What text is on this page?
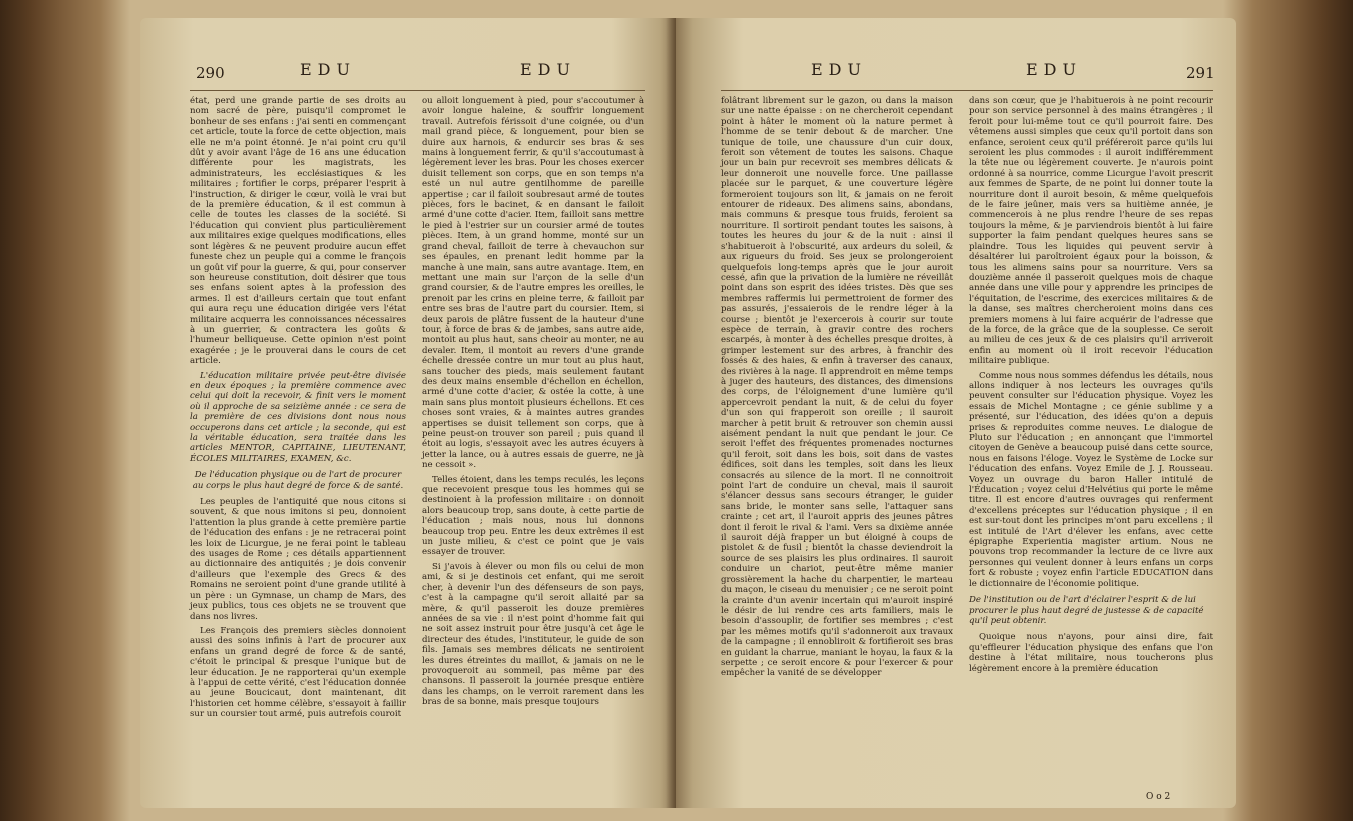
290	EDU	EDU

état, perd une grande partie de ses droits au nom sacré de père, puisqu'il compromet le bonheur de ses enfans : j'ai senti en commençant cet article, toute la force de cette objection, mais elle ne m'a point étonné. Je n'ai point cru qu'il dût y avoir avant l'âge de 16 ans une éducation différente pour les magistrats, les administrateurs, les ecclésiastiques & les militaires ; fortifier le corps, préparer l'esprit à l'instruction, & diriger le cœur, voilà le vrai but de la première éducation, & il est commun à celle de toutes les classes de la société. Si l'éducation qui convient plus particulièrement aux militaires exige quelques modifications, elles sont légères & ne peuvent produire aucun effet funeste chez un peuple qui a comme le françois un goût vif pour la guerre, & qui, pour conserver son heureuse constitution, doit désirer que tous ses enfans soient aptes à la profession des armes. Il est d'ailleurs certain que tout enfant qui aura reçu une éducation dirigée vers l'état militaire acquerra les connoissances nécessaires à un guerrier, & contractera les goûts & l'humeur belliqueuse. Cette opinion n'est point exagérée ; je le prouverai dans le cours de cet article.

L'éducation militaire privée peut-être divisée en deux époques ; la première commence avec celui qui doit la recevoir, & finit vers le moment où il approche de sa seizième année : ce sera de la première de ces divisions dont nous nous occuperons dans cet article ; la seconde, qui est la véritable éducation, sera traitée dans les articles MENTOR, CAPITAINE, LIEUTENANT, ÉCOLES MILITAIRES, EXAMEN, &c.

De l'éducation physique ou de l'art de procurer au corps le plus haut degré de force & de santé.

Les peuples de l'antiquité que nous citons si souvent, & que nous imitons si peu, donnoient l'attention la plus grande à cette première partie de l'éducation des enfans : je ne retracerai point les loix de Licurgue, je ne ferai point le tableau des usages de Rome ; ces détails appartiennent au dictionnaire des antiquités ; je dois convenir d'ailleurs que l'exemple des Grecs & des Romains ne seroient point d'une grande utilité à un père : un Gymnase, un champ de Mars, des jeux publics, tous ces objets ne se trouvent que dans nos livres.

Les François des premiers siècles donnoient aussi des soins infinis à l'art de procurer aux enfans un grand degré de force & de santé, c'étoit le principal & presque l'unique but de leur éducation. Je ne rapporterai qu'un exemple à l'appui de cette vérité, c'est l'éducation donnée au jeune Boucicaut, dont maintenant, dit l'historien cet homme célèbre, s'essayoit à faillir sur un coursier tout armé, puis autrefois couroit

ou alloit longuement à pied, pour s'accoutumer à avoir longue haleine, & souffrir longuement travail. Autrefois férissoit d'une coignée, ou d'un mail grand pièce, & longuement, pour bien se duire aux harnois, & endurcir ses bras & ses mains à longuement ferrir, & qu'il s'accoutumast à légèrement lever les bras. Pour les choses exercer duisit tellement son corps, que en son temps n'a esté un nul autre gentilhomme de pareille appertise ; car il failoit soubresaut armé de toutes pièces, fors le bacinet, & en dansant le failoit armé d'une cotte d'acier. Item, failloit sans mettre le pied à l'estrier sur un coursier armé de toutes pièces. Item, à un grand homme, monté sur un grand cheval, failloit de terre à chevauchon sur ses épaules, en prenant ledit homme par la manche à une main, sans autre avantage. Item, en mettant une main sur l'arçon de la selle d'un grand coursier, & de l'autre empres les oreilles, le prenoit par les crins en pleine terre, & failloit par entre ses bras de l'autre part du coursier. Item, si deux parois de plâtre fussent de la hauteur d'une tour, à force de bras & de jambes, sans autre aide, montoit au plus haut, sans cheoir au monter, ne au devaler. Item, il montoit au revers d'une grande échelle dressée contre un mur tout au plus haut, sans toucher des pieds, mais seulement fautant des deux mains ensemble d'échellon en échellon, armé d'une cotte d'acier, & ostée la cotte, à une main sans plus montoit plusieurs échellons. Et ces choses sont vraies, & à maintes autres grandes appertises se duisit tellement son corps, que à peine peust-on trouver son pareil ; puis quand il étoit au logis, s'essayoit avec les autres écuyers à jetter la lance, ou à autres essais de guerre, ne jà ne cessoit ».

Telles étoient, dans les temps reculés, les leçons que recevoient presque tous les hommes qui se destinoient à la profession militaire : on donnoit alors beaucoup trop, sans doute, à cette partie de l'éducation ; mais nous, nous lui donnons beaucoup trop peu. Entre les deux extrêmes il est un juste milieu, & c'est ce point que je vais essayer de trouver.

Si j'avois à élever ou mon fils ou celui de mon ami, & si je destinois cet enfant, qui me seroit cher, à devenir l'un des défenseurs de son pays, c'est à la campagne qu'il seroit allaité par sa mère, & qu'il passeroit les douze premières années de sa vie : il n'est point d'homme fait qui ne soit assez instruit pour être jusqu'à cet âge le directeur des études, l'instituteur, le guide de son fils. Jamais ses membres délicats ne sentiroient les dures étreintes du maillot, & jamais on ne le provoqueroit au sommeil, pas même par des chansons. Il passeroit la journée presque entière dans les champs, on le verroit rarement dans les bras de sa bonne, mais presque toujours

EDU	EDU	291

folâtrant librement sur le gazon, ou dans la maison sur une natte épaisse : on ne chercheroit cependant point à hâter le moment où la nature permet à l'homme de se tenir debout & de marcher. Une tunique de toile, une chaussure d'un cuir doux, feroit son vêtement de toutes les saisons. Chaque jour un bain pur recevroit ses membres délicats & leur donneroit une nouvelle force. Une paillasse placée sur le parquet, & une couverture légère formeroient toujours son lit, & jamais on ne feroit entourer de rideaux. Des alimens sains, abondans, mais communs & presque tous fruids, feroient sa nourriture. Il sortiroit pendant toutes les saisons, à toutes les heures du jour & de la nuit : ainsi il s'habitueroit à l'obscurité, aux ardeurs du soleil, & aux rigueurs du froid. Ses jeux se prolongeroient quelquefois long-temps après que le jour auroit cessé, afin que la privation de la lumière ne réveillât point dans son esprit des idées tristes. Dès que ses membres raffermis lui permettroient de former des pas assurés, j'essaierois de le rendre léger à la course ; bientôt je l'exercerois à courir sur toute espèce de terrain, à gravir contre des rochers escarpés, à monter à des échelles presque droites, à grimper lestement sur des arbres, à franchir des fossés & des haies, & enfin à traverser des canaux, des rivières à la nage. Il apprendroit en même temps à juger des hauteurs, des distances, des dimensions des corps, de l'éloignement d'une lumière qu'il appercevroit pendant la nuit, & de celui du foyer d'un son qui frapperoit son oreille ; il sauroit marcher à petit bruit & retrouver son chemin aussi aisément pendant la nuit que pendant le jour. Ce seroit l'effet des fréquentes promenades nocturnes qu'il feroit, soit dans les bois, soit dans de vastes édifices, soit dans les temples, soit dans les lieux consacrés au silence de la mort. Il ne connoitroit point l'art de conduire un cheval, mais il sauroit s'élancer dessus sans secours étranger, le guider sans bride, le monter sans selle, l'attaquer sans crainte ; cet art, il l'auroit appris des jeunes pâtres dont il feroit le rival & l'ami. Vers sa dixième année il sauroit déjà frapper un but éloigné à coups de pistolet & de fusil ; bientôt la chasse deviendroit la source de ses plaisirs les plus ordinaires. Il sauroit conduire un chariot, peut-être même manier grossièrement la hache du charpentier, le marteau du maçon, le ciseau du menuisier ; ce ne seroit point la crainte d'un avenir incertain qui m'auroit inspiré le désir de lui rendre ces arts familiers, mais le besoin d'assouplir, de fortifier ses membres ; c'est par les mêmes motifs qu'il s'adonneroit aux travaux de la campagne ; il ennobliroit & fortifieroit ses bras en guidant la charrue, maniant le hoyau, la faux & la serpette ; ce seroit encore & pour l'exercer & pour empêcher la vanité de se développer

dans son cœur, que je l'habituerois à ne point recourir pour son service personnel à des mains étrangères ; il feroit pour lui-même tout ce qu'il pourroit faire. Des vêtemens aussi simples que ceux qu'il portoit dans son enfance, seroient ceux qu'il préféreroit parce qu'ils lui seroient les plus commodes : il auroit indifféremment la tête nue ou légèrement couverte. Je n'aurois point ordonné à sa nourrice, comme Licurgue l'avoit prescrit aux femmes de Sparte, de ne point lui donner toute la nourriture dont il auroit besoin, & même quelquefois de le faire jeûner, mais vers sa huitième année, je commencerois à ne plus rendre l'heure de ses repas toujours la même, & je parviendrois bientôt à lui faire supporter la faim pendant quelques heures sans se plaindre. Tous les liquides qui peuvent servir à désaltérer lui paroîtroient égaux pour la boisson, & tous les alimens sains pour sa nourriture. Vers sa douzième année il passeroit quelques mois de chaque année dans une ville pour y apprendre les principes de l'équitation, de l'escrime, des exercices militaires & de la danse, ses maîtres chercheroient moins dans ces premiers momens à lui faire acquérir de l'adresse que de la force, de la grâce que de la souplesse. Ce seroit au milieu de ces jeux & de ces plaisirs qu'il arriveroit enfin au moment où il iroit recevoir l'éducation militaire publique.

Comme nous nous sommes défendus les détails, nous allons indiquer à nos lecteurs les ouvrages qu'ils peuvent consulter sur l'éducation physique. Voyez les essais de Michel Montagne ; ce génie sublime y a présenté, sur l'éducation, des idées qu'on a depuis prises & reproduites comme neuves. Le dialogue de Pluto sur l'éducation ; en annonçant que l'immortel citoyen de Genève a beaucoup puisé dans cette source, nous en faisons l'éloge. Voyez le Système de Locke sur l'éducation des enfans. Voyez Emile de J. J. Rousseau. Voyez un ouvrage du baron Haller intitulé de l'Éducation ; voyez celui d'Helvétius qui porte le même titre. Il est encore d'autres ouvrages qui renferment d'excellens préceptes sur l'éducation physique ; il en est sur-tout dont les principes m'ont paru excellens ; il est intitulé de l'Art d'élever les enfans, avec cette épigraphe Experientia magister artium. Nous ne pouvons trop recommander la lecture de ce livre aux personnes qui veulent donner à leurs enfans un corps fort & robuste ; voyez enfin l'article EDUCATION dans le dictionnaire de l'économie politique.

De l'institution ou de l'art d'éclairer l'esprit & de lui procurer le plus haut degré de justesse & de capacité qu'il peut obtenir.

Quoique nous n'ayons, pour ainsi dire, fait qu'effleurer l'éducation physique des enfans que l'on destine à l'état militaire, nous toucherons plus légèrement encore à la première éducation

O o 2
